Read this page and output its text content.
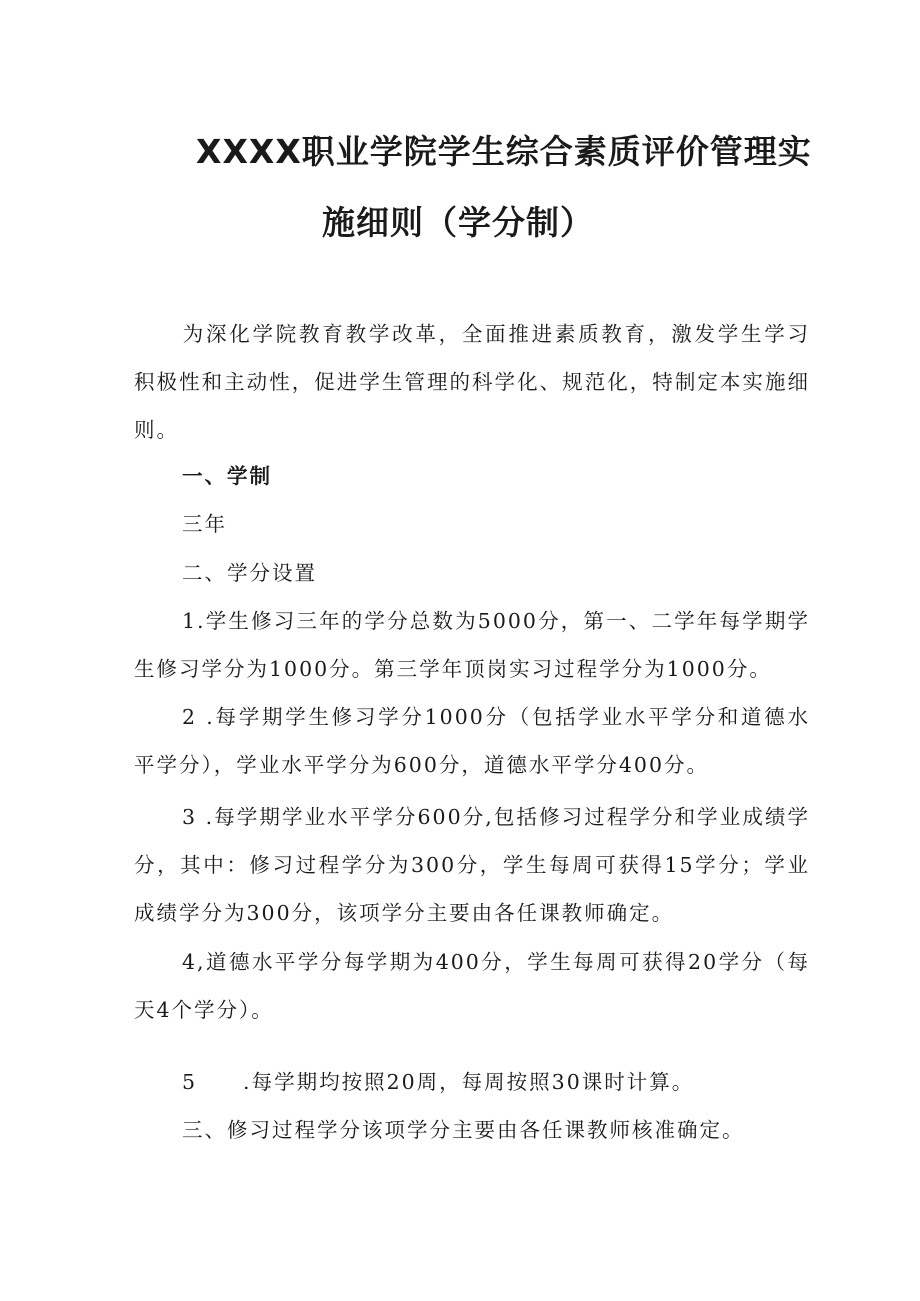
XXXX职业学院学生综合素质评价管理实
施细则（学分制）
为深化学院教育教学改革，全面推进素质教育，激发学生学习积极性和主动性，促进学生管理的科学化、规范化，特制定本实施细则。
一、学制
三年
二、学分设置
1.学生修习三年的学分总数为5000分，第一、二学年每学期学生修习学分为1000分。第三学年顶岗实习过程学分为1000分。
2 .每学期学生修习学分1000分（包括学业水平学分和道德水平学分），学业水平学分为600分，道德水平学分400分。
3 .每学期学业水平学分600分,包括修习过程学分和学业成绩学分，其中：修习过程学分为300分，学生每周可获得15学分；学业成绩学分为300分，该项学分主要由各任课教师确定。
4,道德水平学分每学期为400分，学生每周可获得20学分（每天4个学分）。
5 .每学期均按照20周，每周按照30课时计算。
三、修习过程学分该项学分主要由各任课教师核准确定。
